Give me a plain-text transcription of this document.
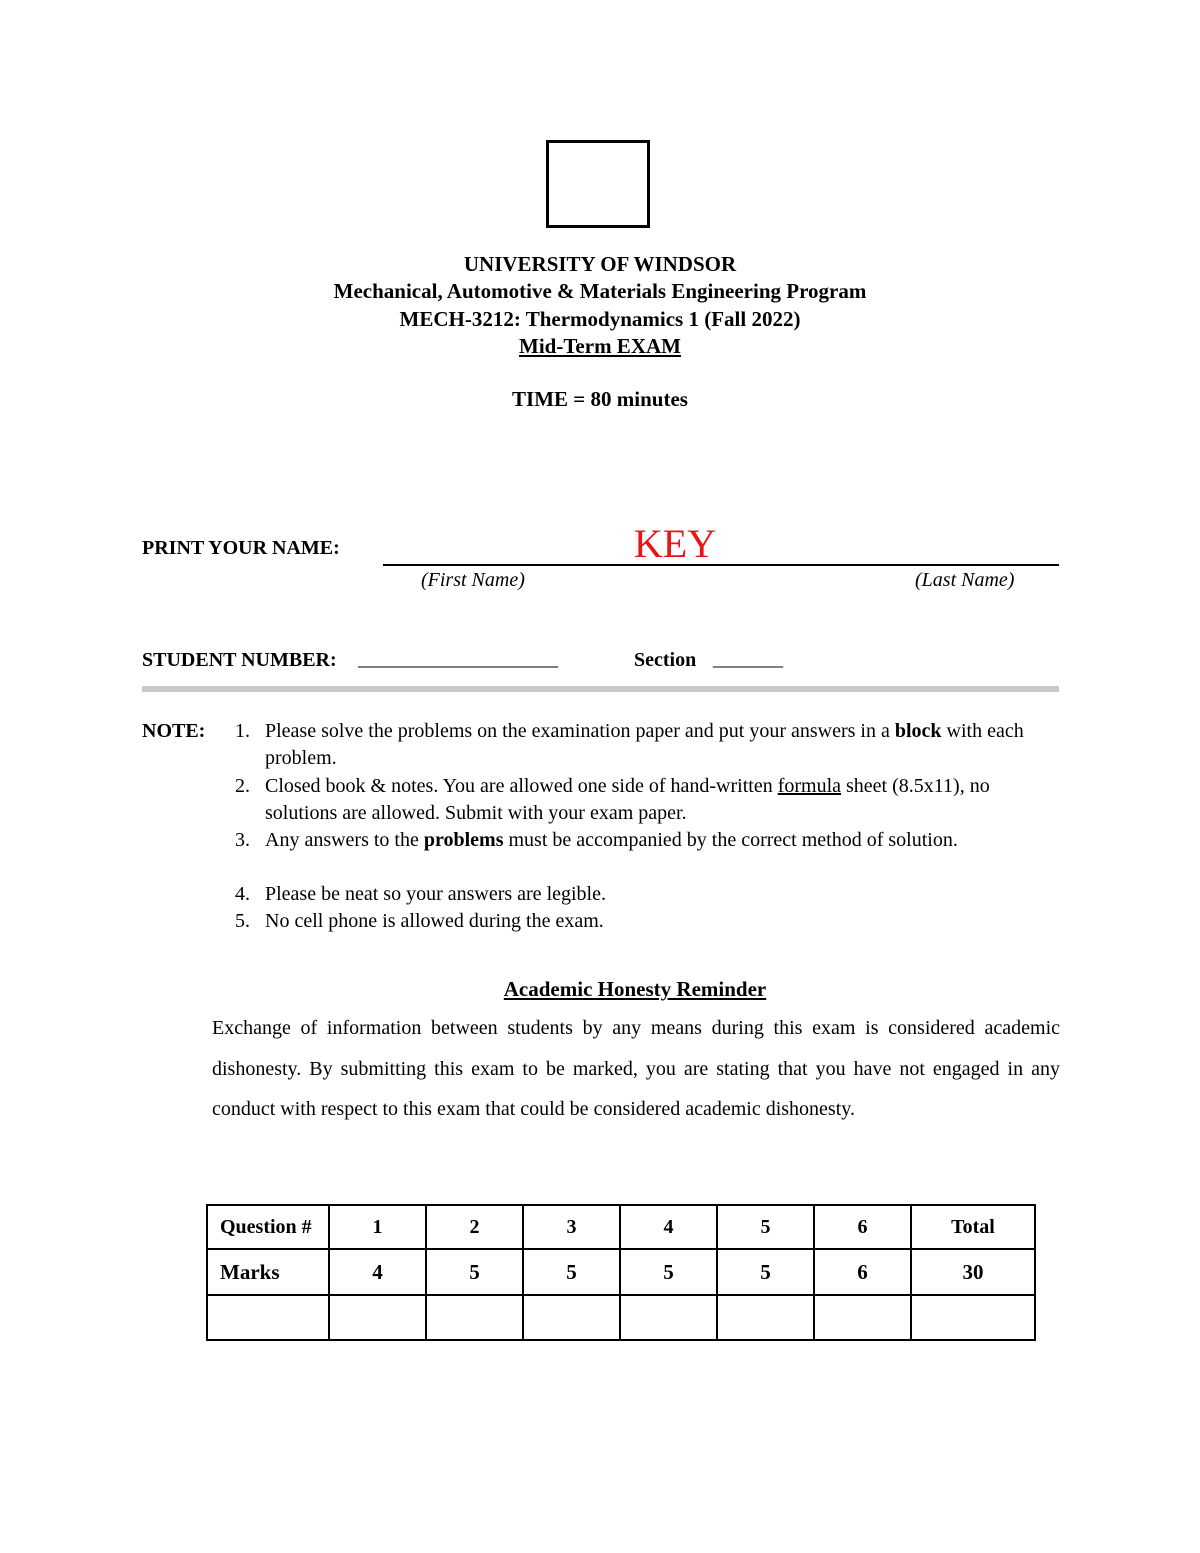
UNIVERSITY OF WINDSOR
Mechanical, Automotive & Materials Engineering Program
MECH-3212: Thermodynamics 1 (Fall 2022)
Mid-Term EXAM
TIME = 80 minutes
PRINT YOUR NAME:	KEY
(First Name)	(Last Name)
STUDENT NUMBER: ____________________	Section _______
NOTE:	1. Please solve the problems on the examination paper and put your answers in a block with each problem.
2. Closed book & notes. You are allowed one side of hand-written formula sheet (8.5x11), no solutions are allowed. Submit with your exam paper.
3. Any answers to the problems must be accompanied by the correct method of solution.
4. Please be neat so your answers are legible.
5. No cell phone is allowed during the exam.
Academic Honesty Reminder
Exchange of information between students by any means during this exam is considered academic dishonesty. By submitting this exam to be marked, you are stating that you have not engaged in any conduct with respect to this exam that could be considered academic dishonesty.
Question #	1	2	3	4	5	6	Total
Marks	4	5	5	5	5	6	30
